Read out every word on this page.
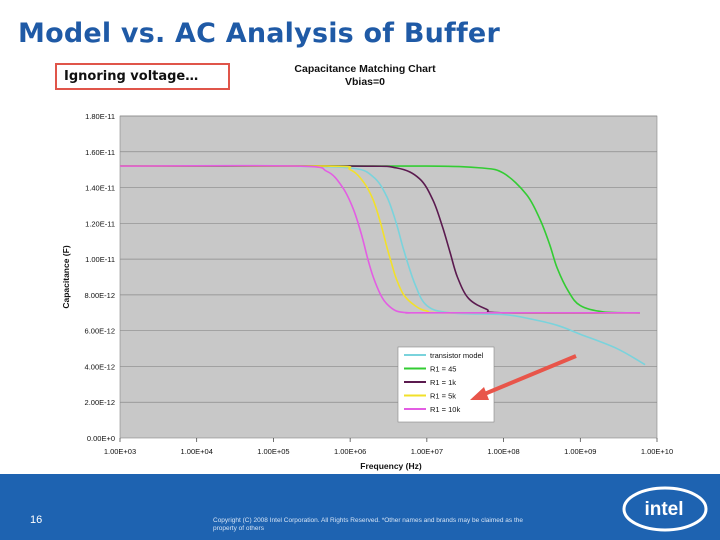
Model vs. AC Analysis of Buffer
Ignoring voltage…	Capacitance Matching Chart
Vbias=0
0.00E+0
2.00E-12
4.00E-12
6.00E-12
8.00E-12
1.00E-11
1.20E-11
1.40E-11
1.60E-11
1.80E-11
1.00E+03	1.00E+04	1.00E+05	1.00E+06	1.00E+07	1.00E+08	1.00E+09	1.00E+10
Capacitance (F)
Frequency (Hz)
transistor model
R1 = 45
R1 = 1k
R1 = 5k
R1 = 10k
16	Copyright (C) 2008 Intel Corporation. All Rights Reserved. *Other names and brands may be claimed as the property of others
intel
